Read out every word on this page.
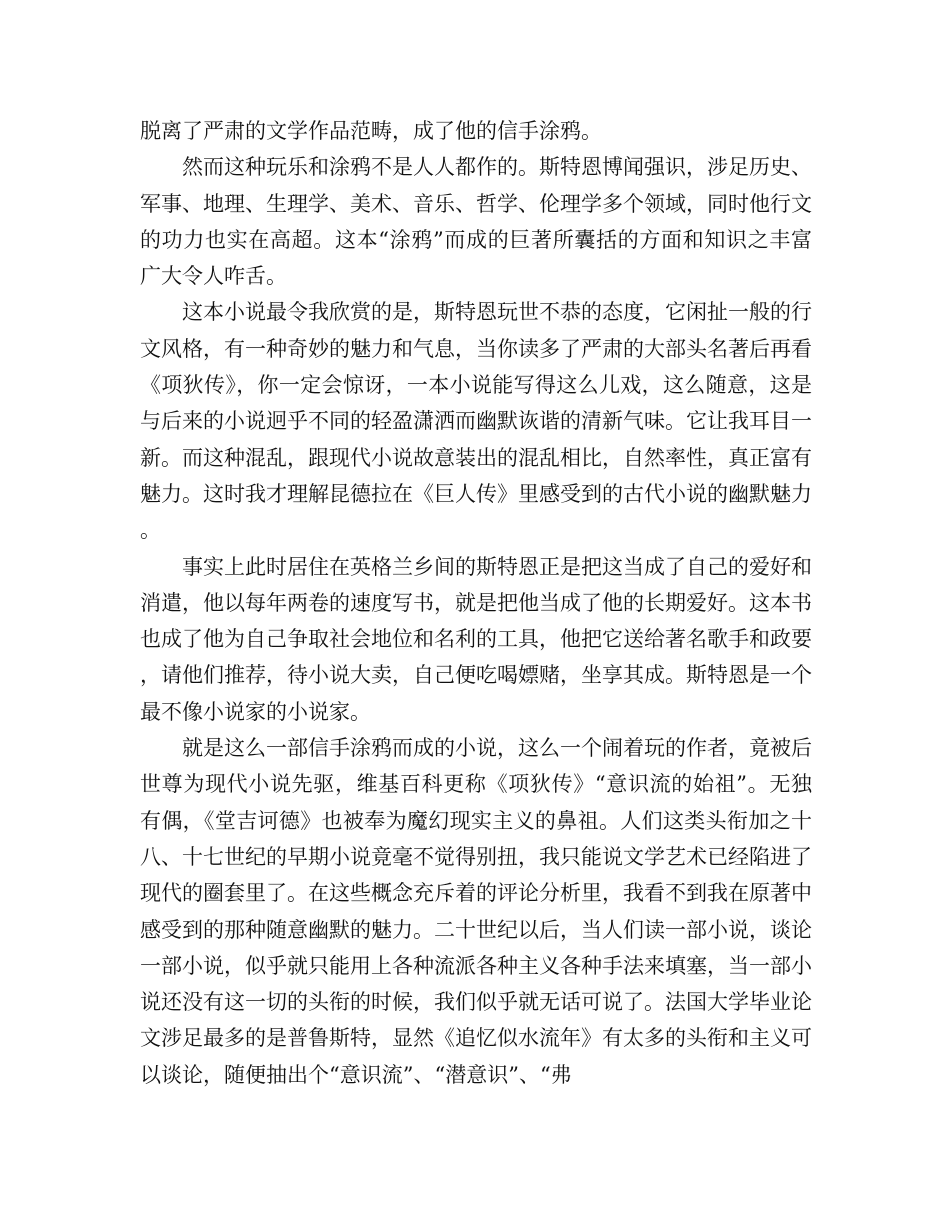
脱离了严肃的文学作品范畴，成了他的信手涂鸦。

然而这种玩乐和涂鸦不是人人都作的。斯特恩博闻强识，涉足历史、军事、地理、生理学、美术、音乐、哲学、伦理学多个领域，同时他行文的功力也实在高超。这本“涂鸦”而成的巨著所囊括的方面和知识之丰富广大令人咋舌。

这本小说最令我欣赏的是，斯特恩玩世不恭的态度，它闲扯一般的行文风格，有一种奇妙的魅力和气息，当你读多了严肃的大部头名著后再看《项狄传》，你一定会惊讶，一本小说能写得这么儿戏，这么随意，这是与后来的小说迥乎不同的轻盈潇洒而幽默诙谐的清新气味。它让我耳目一新。而这种混乱，跟现代小说故意装出的混乱相比，自然率性，真正富有魅力。这时我才理解昆德拉在《巨人传》里感受到的古代小说的幽默魅力。

事实上此时居住在英格兰乡间的斯特恩正是把这当成了自己的爱好和消遣，他以每年两卷的速度写书，就是把他当成了他的长期爱好。这本书也成了他为自己争取社会地位和名利的工具，他把它送给著名歌手和政要，请他们推荐，待小说大卖，自己便吃喝嫖赌，坐享其成。斯特恩是一个最不像小说家的小说家。

就是这么一部信手涂鸦而成的小说，这么一个闹着玩的作者，竟被后世尊为现代小说先驱，维基百科更称《项狄传》“意识流的始祖”。无独有偶，《堂吉诃德》也被奉为魔幻现实主义的鼻祖。人们这类头衔加之十八、十七世纪的早期小说竟毫不觉得别扭，我只能说文学艺术已经陷进了现代的圈套里了。在这些概念充斥着的评论分析里，我看不到我在原著中感受到的那种随意幽默的魅力。二十世纪以后，当人们读一部小说，谈论一部小说，似乎就只能用上各种流派各种主义各种手法来填塞，当一部小说还没有这一切的头衔的时候，我们似乎就无话可说了。法国大学毕业论文涉足最多的是普鲁斯特，显然《追忆似水流年》有太多的头衔和主义可以谈论，随便抽出个“意识流”、“潜意识”、“弗
